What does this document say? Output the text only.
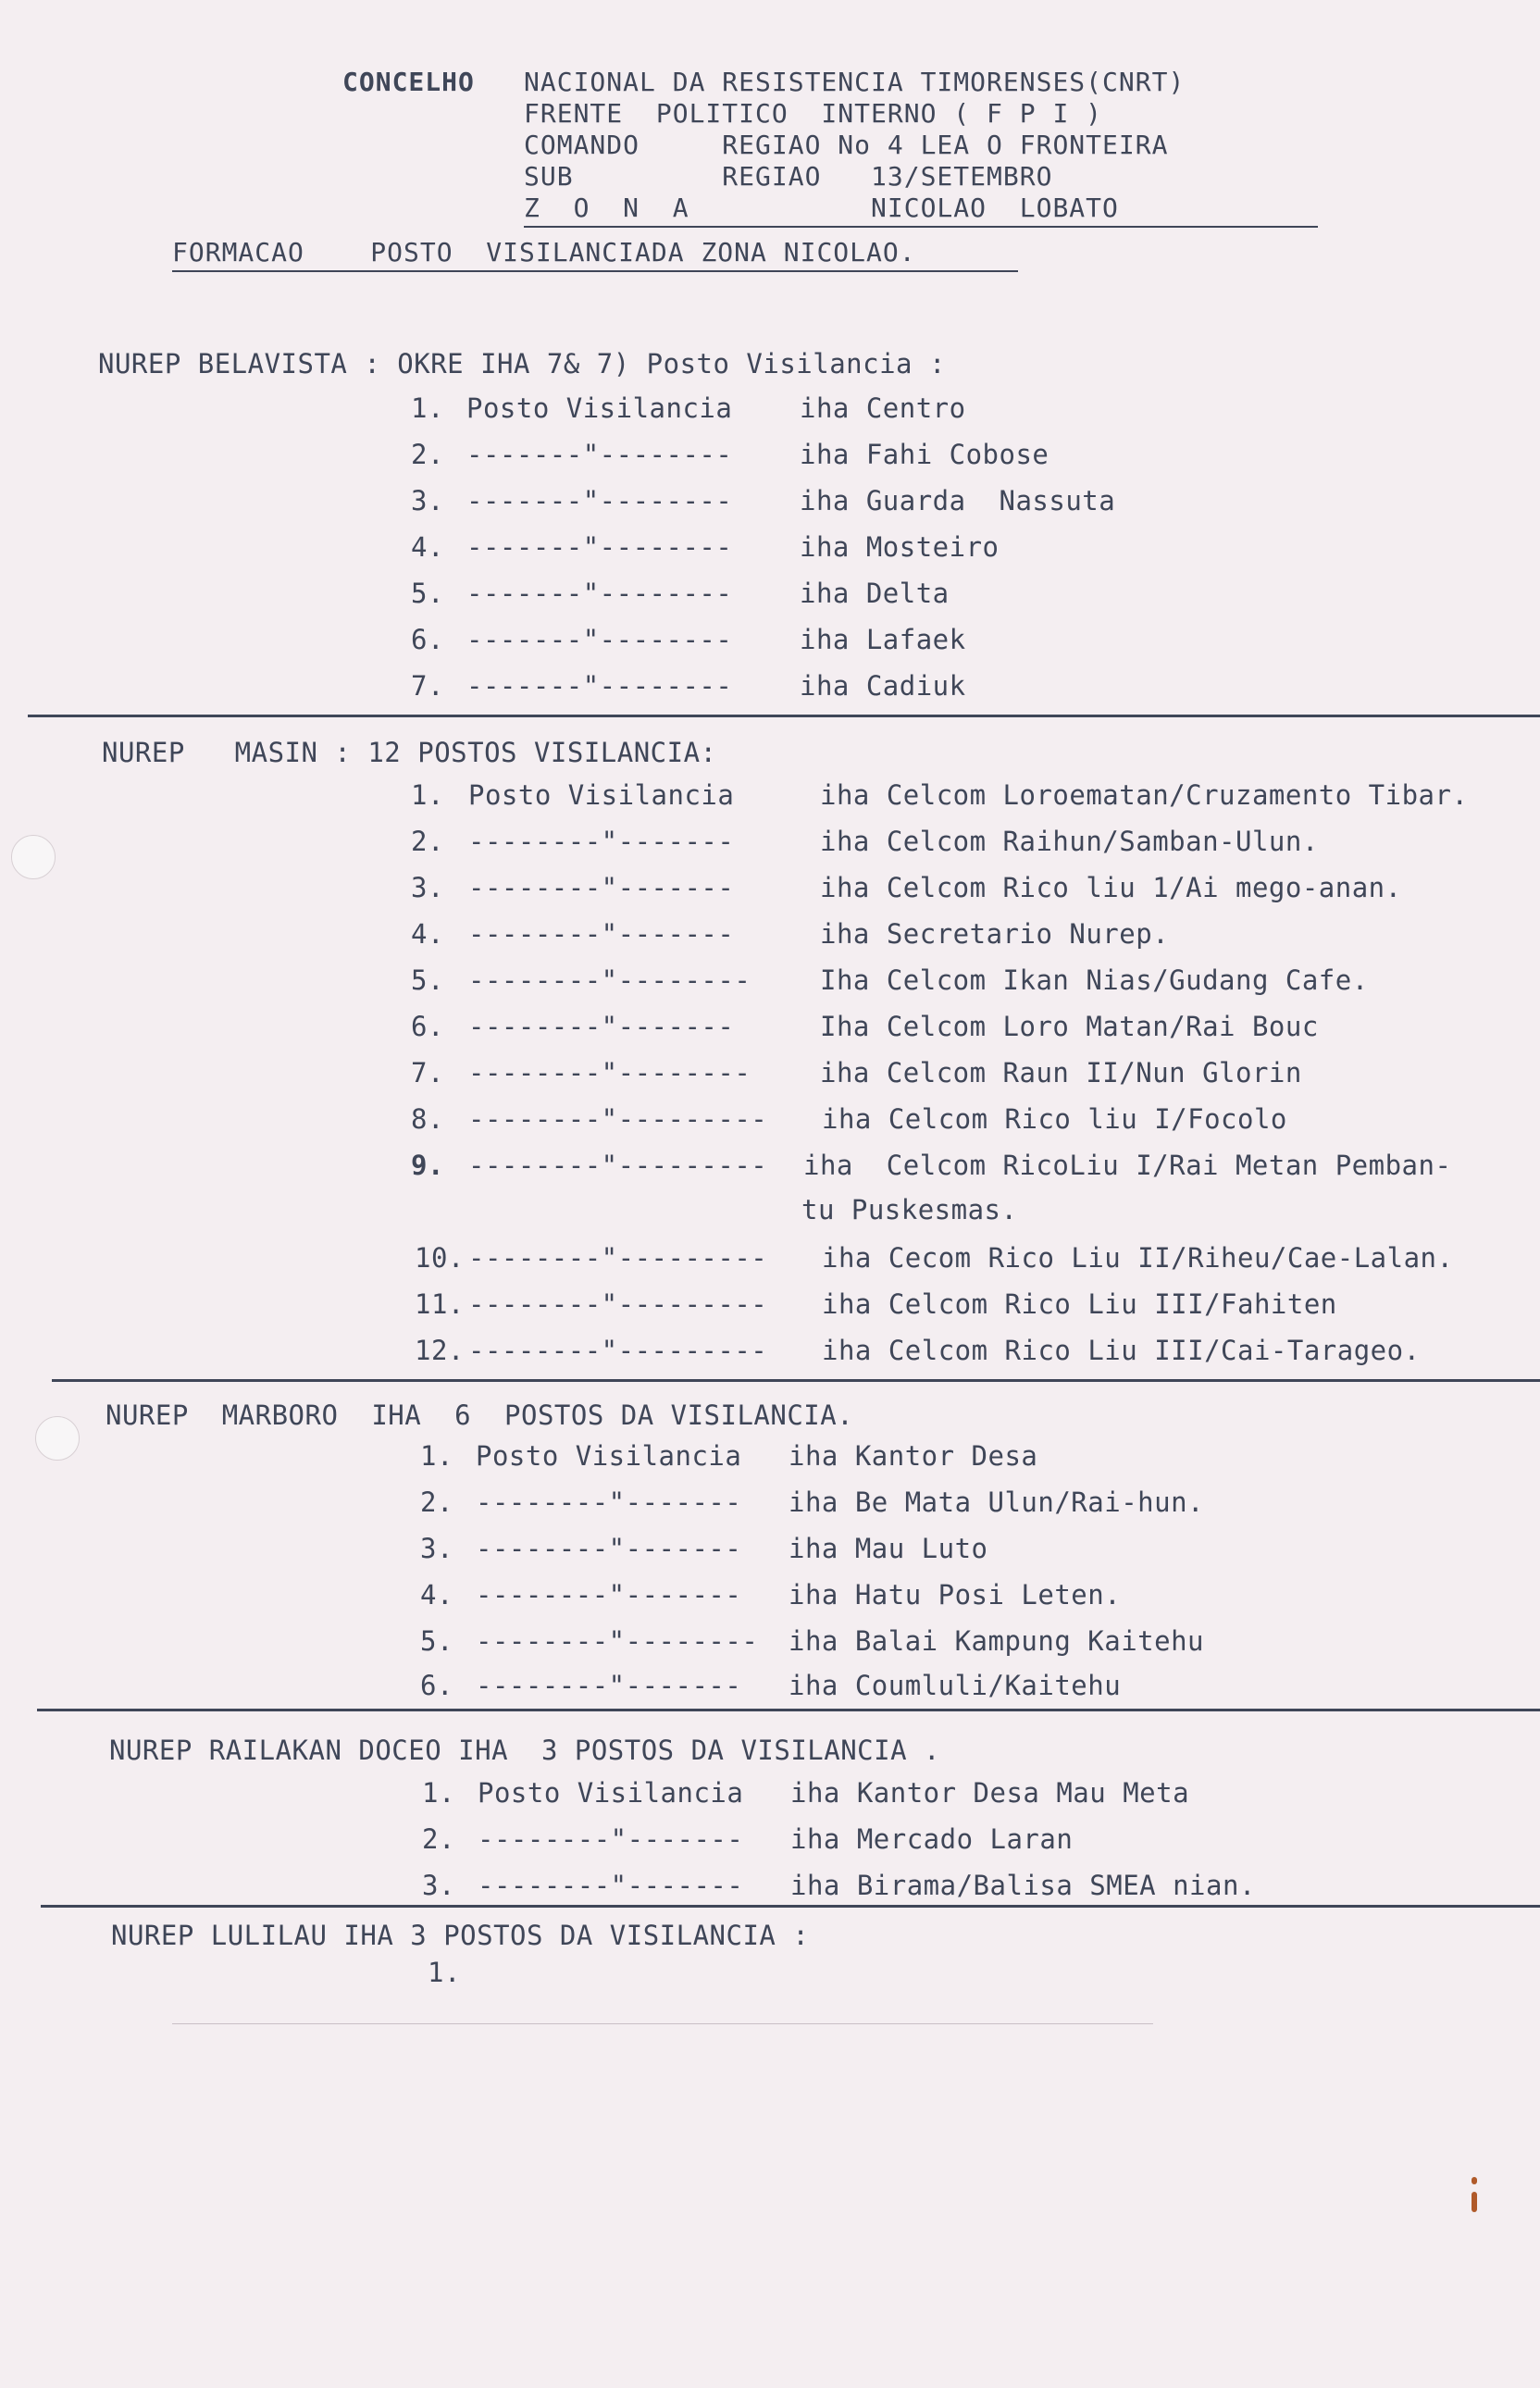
CONCELHO NACIONAL DA RESISTENCIA TIMORENSES(CNRT)
FRENTE  POLITICO  INTERNO ( F P I )
COMANDO     REGIAO No 4 LEA O FRONTEIRA
SUB         REGIAO   13/SETEMBRO
Z  O  N  A           NICOLAO  LOBATO
FORMACAO    POSTO  VISILANCIADA ZONA NICOLAO.
NUREP BELAVISTA : OKRE IHA 7& 7) Posto Visilancia :
1. Posto Visilancia	iha Centro
2. -------"--------	iha Fahi Cobose
3. -------"--------	iha Guarda  Nassuta
4. -------"--------	iha Mosteiro
5. -------"--------	iha Delta
6. -------"--------	iha Lafaek
7. -------"--------	iha Cadiuk
NUREP   MASIN : 12 POSTOS VISILANCIA:
1. Posto Visilancia	iha Celcom Loroematan/Cruzamento Tibar.
2. --------"-------	iha Celcom Raihun/Samban-Ulun.
3. --------"-------	iha Celcom Rico liu 1/Ai mego-anan.
4. --------"-------	iha Secretario Nurep.
5. --------"--------	Iha Celcom Ikan Nias/Gudang Cafe.
6. --------"-------	Iha Celcom Loro Matan/Rai Bouc
7. --------"--------	iha Celcom Raun II/Nun Glorin
8. --------"--------- iha Celcom Rico liu I/Focolo
9. --------"--------- iha  Celcom RicoLiu I/Rai Metan Pemban-
tu Puskesmas.
10. --------"--------- iha Cecom Rico Liu II/Riheu/Cae-Lalan.
11. --------"--------- iha Celcom Rico Liu III/Fahiten
12. --------"--------- iha Celcom Rico Liu III/Cai-Tarageo.
NUREP  MARBORO  IHA  6  POSTOS DA VISILANCIA.
1. Posto Visilancia iha Kantor Desa
2. --------"------- iha Be Mata Ulun/Rai-hun.
3. --------"------- iha Mau Luto
4. --------"------- iha Hatu Posi Leten.
5. --------"-------- iha Balai Kampung Kaitehu
6. --------"------- iha Coumluli/Kaitehu
NUREP RAILAKAN DOCEO IHA  3 POSTOS DA VISILANCIA .
1. Posto Visilancia iha Kantor Desa Mau Meta
2. --------"------- iha Mercado Laran
3. --------"------- iha Birama/Balisa SMEA nian.
NUREP LULILAU IHA 3 POSTOS DA VISILANCIA :
1.
